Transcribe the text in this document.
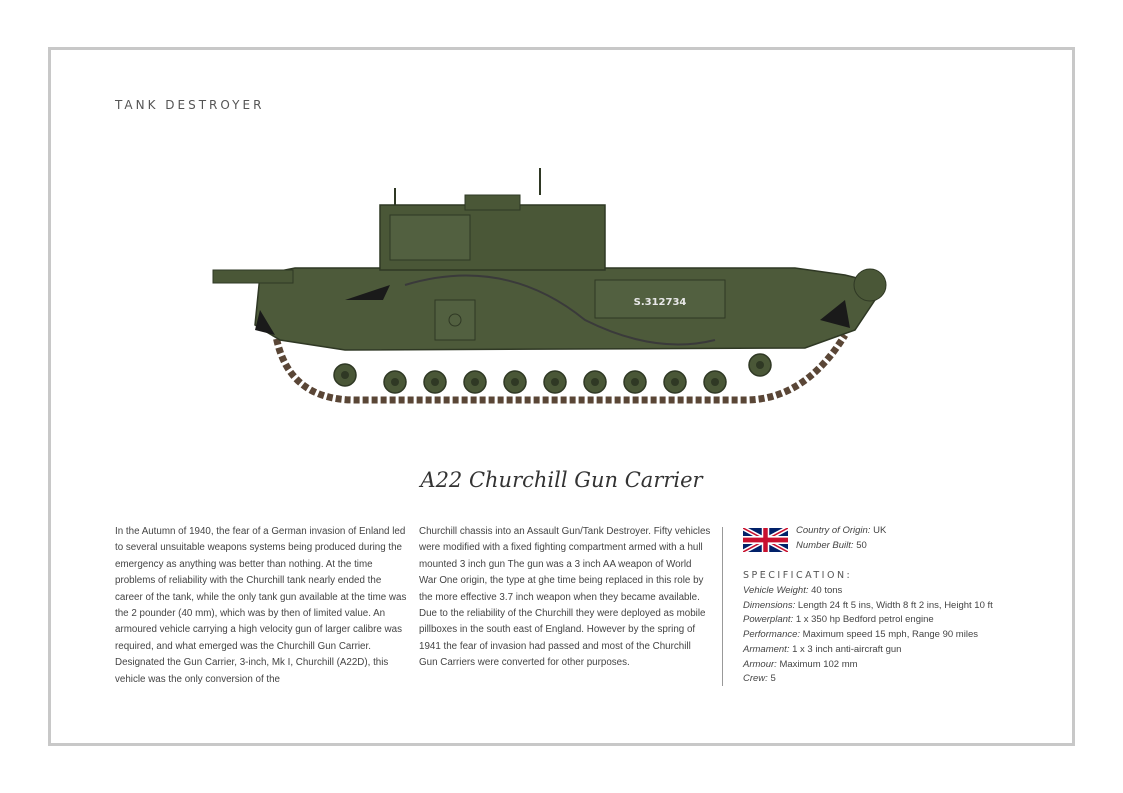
TANK DESTROYER
S.312734
A22 Churchill Gun Carrier
In the Autumn of 1940, the fear of a German invasion of Enland led to several unsuitable weapons systems being produced during the emergency as anything was better than nothing. At the time problems of reliability with the Churchill tank nearly ended the career of the tank, while the only tank gun available at the time was the 2 pounder (40 mm), which was by then of limited value. An armoured vehicle carrying a high velocity gun of larger calibre was required, and what emerged was the Churchill Gun Carrier. Designated the Gun Carrier, 3-inch, Mk I, Churchill (A22D), this vehicle was the only conversion of the
Churchill chassis into an Assault Gun/Tank Destroyer. Fifty vehicles were modified with a fixed fighting compartment armed with a hull mounted 3 inch gun The gun was a 3 inch AA weapon of World War One origin, the type at ghe time being replaced in this role by the more effective 3.7 inch weapon when they became available. Due to the reliability of the Churchill they were deployed as mobile pillboxes in the south east of England. However by the spring of 1941 the fear of invasion had passed and most of the Churchill Gun Carriers were converted for other purposes.
Country of Origin: UK
Number Built: 50
SPECIFICATION:
Vehicle Weight: 40 tons
Dimensions: Length 24 ft 5 ins, Width 8 ft 2 ins, Height 10 ft
Powerplant: 1 x 350 hp Bedford petrol engine
Performance: Maximum speed 15 mph, Range 90 miles
Armament: 1 x 3 inch anti-aircraft gun
Armour: Maximum 102 mm
Crew: 5
